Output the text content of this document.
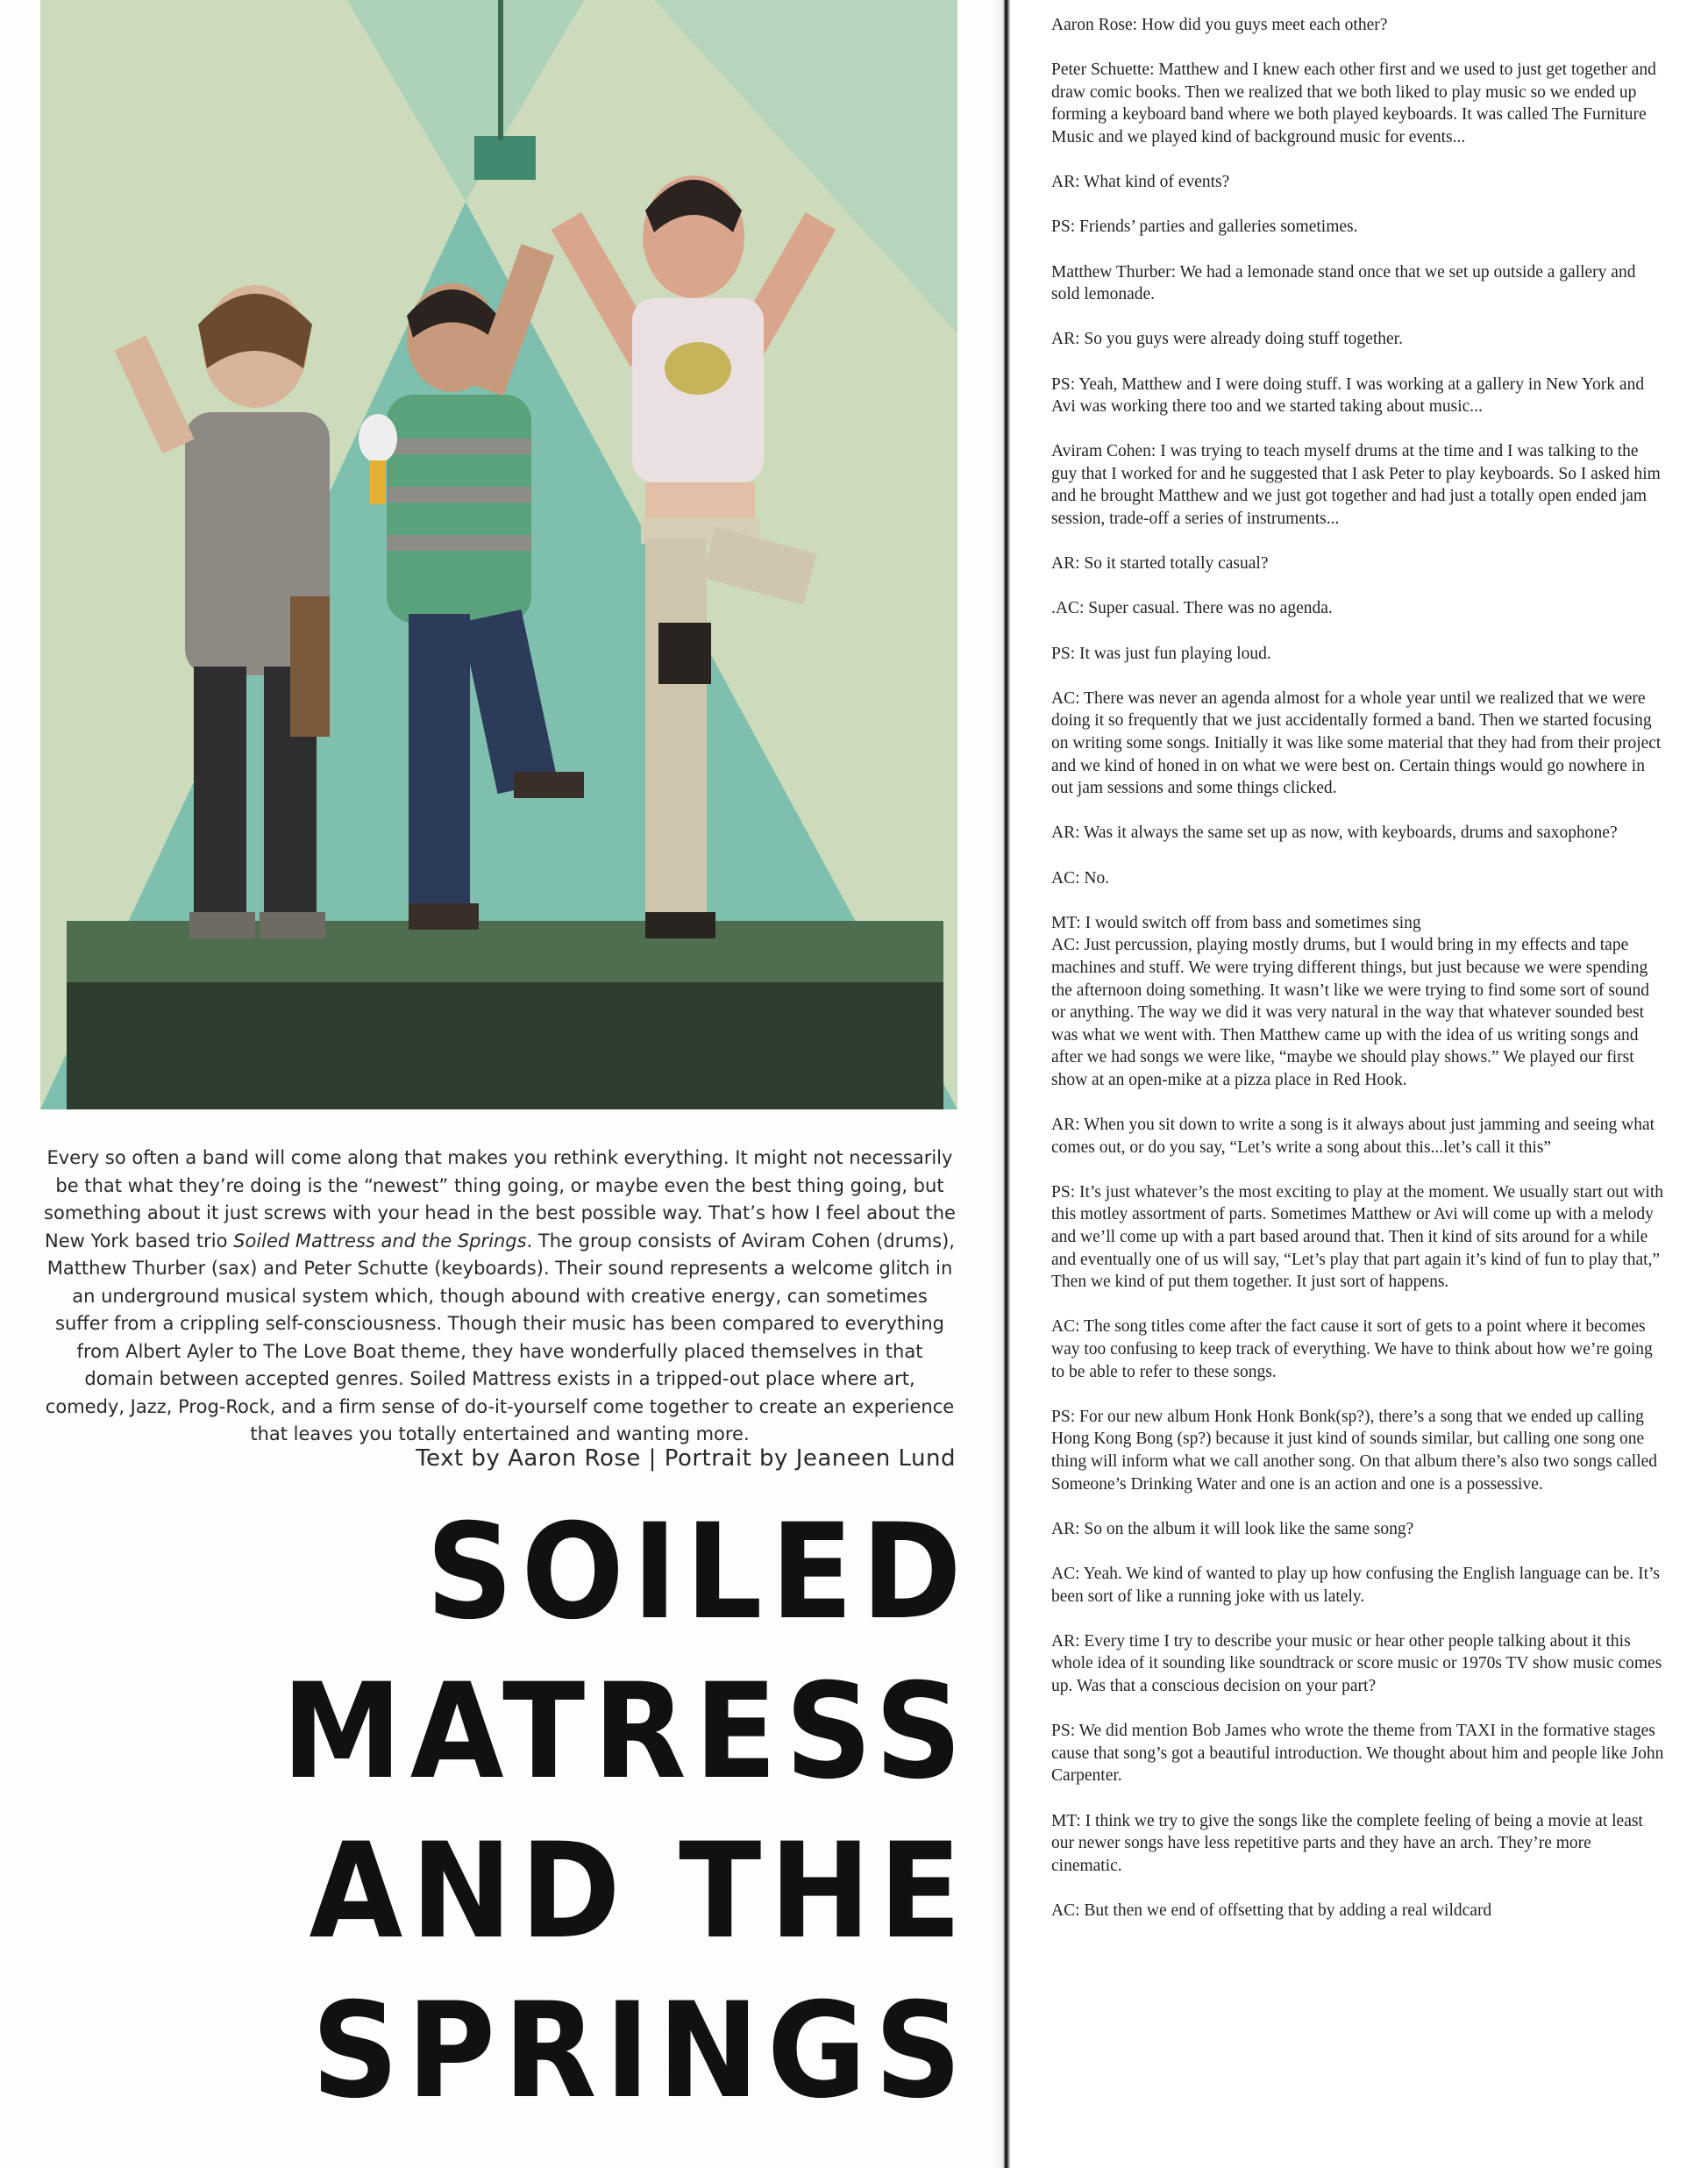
Every so often a band will come along that makes you rethink everything. It might not necessarily be that what they’re doing is the “newest” thing going, or maybe even the best thing going, but something about it just screws with your head in the best possible way. That’s how I feel about the New York based trio Soiled Mattress and the Springs. The group consists of Aviram Cohen (drums), Matthew Thurber (sax) and Peter Schutte (keyboards). Their sound represents a welcome glitch in an underground musical system which, though abound with creative energy, can sometimes suffer from a crippling self-consciousness. Though their music has been compared to everything from Albert Ayler to The Love Boat theme, they have wonderfully placed themselves in that domain between accepted genres. Soiled Mattress exists in a tripped-out place where art, comedy, Jazz, Prog-Rock, and a firm sense of do-it-yourself come together to create an experience that leaves you totally entertained and wanting more.
Text by Aaron Rose | Portrait by Jeaneen Lund
SOILED
MATRESS
AND THE
SPRINGS

Aaron Rose: How did you guys meet each other?

Peter Schuette: Matthew and I knew each other first and we used to just get together and draw comic books. Then we realized that we both liked to play music so we ended up forming a keyboard band where we both played keyboards. It was called The Furniture Music and we played kind of background music for events...

AR: What kind of events?

PS: Friends’ parties and galleries sometimes.

Matthew Thurber: We had a lemonade stand once that we set up outside a gallery and sold lemonade.

AR: So you guys were already doing stuff together.

PS: Yeah, Matthew and I were doing stuff. I was working at a gallery in New York and Avi was working there too and we started taking about music...

Aviram Cohen: I was trying to teach myself drums at the time and I was talking to the guy that I worked for and he suggested that I ask Peter to play keyboards. So I asked him and he brought Matthew and we just got together and had just a totally open ended jam session, trade-off a series of instruments...

AR: So it started totally casual?

.AC: Super casual. There was no agenda.

PS: It was just fun playing loud.

AC: There was never an agenda almost for a whole year until we realized that we were doing it so frequently that we just accidentally formed a band. Then we started focusing on writing some songs. Initially it was like some material that they had from their project and we kind of honed in on what we were best on. Certain things would go nowhere in out jam sessions and some things clicked.

AR: Was it always the same set up as now, with keyboards, drums and saxophone?

AC: No.

MT: I would switch off from bass and sometimes sing

AC: Just percussion, playing mostly drums, but I would bring in my effects and tape machines and stuff. We were trying different things, but just because we were spending the afternoon doing something. It wasn’t like we were trying to find some sort of sound or anything. The way we did it was very natural in the way that whatever sounded best was what we went with. Then Matthew came up with the idea of us writing songs and after we had songs we were like, “maybe we should play shows.” We played our first show at an open-mike at a pizza place in Red Hook.

AR: When you sit down to write a song is it always about just jamming and seeing what comes out, or do you say, “Let’s write a song about this...let’s call it this”

PS: It’s just whatever’s the most exciting to play at the moment. We usually start out with this motley assortment of parts. Sometimes Matthew or Avi will come up with a melody and we’ll come up with a part based around that. Then it kind of sits around for a while and eventually one of us will say, “Let’s play that part again it’s kind of fun to play that,” Then we kind of put them together. It just sort of happens.

AC: The song titles come after the fact cause it sort of gets to a point where it becomes way too confusing to keep track of everything. We have to think about how we’re going to be able to refer to these songs.

PS: For our new album Honk Honk Bonk(sp?), there’s a song that we ended up calling Hong Kong Bong (sp?) because it just kind of sounds similar, but calling one song one thing will inform what we call another song. On that album there’s also two songs called Someone’s Drinking Water and one is an action and one is a possessive.

AR: So on the album it will look like the same song?

AC: Yeah. We kind of wanted to play up how confusing the English language can be. It’s been sort of like a running joke with us lately.

AR: Every time I try to describe your music or hear other people talking about it this whole idea of it sounding like soundtrack or score music or 1970s TV show music comes up. Was that a conscious decision on your part?

PS: We did mention Bob James who wrote the theme from TAXI in the formative stages cause that song’s got a beautiful introduction. We thought about him and people like John Carpenter.

MT: I think we try to give the songs like the complete feeling of being a movie at least our newer songs have less repetitive parts and they have an arch. They’re more cinematic.

AC: But then we end of offsetting that by adding a real wildcard
